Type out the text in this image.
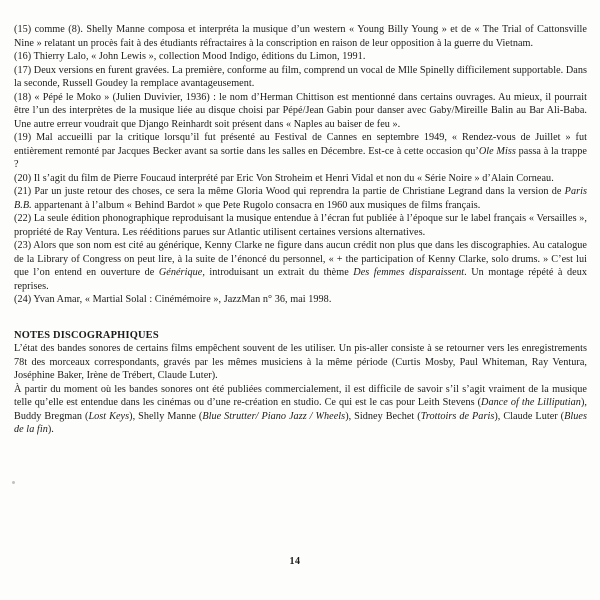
(15) comme (8). Shelly Manne composa et interpréta la musique d’un western « Young Billy Young » et de « The Trial of Cattonsville Nine » relatant un procès fait à des étudiants réfractaires à la conscription en raison de leur opposition à la guerre du Vietnam.

(16) Thierry Lalo, « John Lewis », collection Mood Indigo, éditions du Limon, 1991.

(17) Deux versions en furent gravées. La première, conforme au film, comprend un vocal de Mlle Spinelly difficilement supportable. Dans la seconde, Russell Goudey la remplace avantageusement.

(18) « Pépé le Moko » (Julien Duvivier, 1936) : le nom d’Herman Chittison est mentionné dans certains ouvrages. Au mieux, il pourrait être l’un des interprètes de la musique liée au disque choisi par Pépé/Jean Gabin pour danser avec Gaby/Mireille Balin au Bar Ali-Baba. Une autre erreur voudrait que Django Reinhardt soit présent dans « Naples au baiser de feu ».

(19) Mal accueilli par la critique lorsqu’il fut présenté au Festival de Cannes en septembre 1949, « Rendez-vous de Juillet » fut entièrement remonté par Jacques Becker avant sa sortie dans les salles en Décembre. Est-ce à cette occasion qu’Ole Miss passa à la trappe ?

(20) Il s’agit du film de Pierre Foucaud interprété par Eric Von Stroheim et Henri Vidal et non du « Série Noire » d’Alain Corneau.

(21) Par un juste retour des choses, ce sera la même Gloria Wood qui reprendra la partie de Christiane Legrand dans la version de Paris B.B. appartenant à l’album « Behind Bardot » que Pete Rugolo consacra en 1960 aux musiques de films français.

(22) La seule édition phonographique reproduisant la musique entendue à l’écran fut publiée à l’époque sur le label français « Versailles », propriété de Ray Ventura. Les rééditions parues sur Atlantic utilisent certaines versions alternatives.

(23) Alors que son nom est cité au générique, Kenny Clarke ne figure dans aucun crédit non plus que dans les discographies. Au catalogue de la Library of Congress on peut lire, à la suite de l’énoncé du personnel, « + the participation of Kenny Clarke, solo drums. » C’est lui que l’on entend en ouverture de Générique, introduisant un extrait du thème Des femmes disparaissent. Un montage répété à deux reprises.

(24) Yvan Amar, « Martial Solal : Cinémémoire », JazzMan n° 36, mai 1998.

NOTES DISCOGRAPHIQUES

L’état des bandes sonores de certains films empêchent souvent de les utiliser. Un pis-aller consiste à se retourner vers les enregistrements 78t des morceaux correspondants, gravés par les mêmes musiciens à la même période (Curtis Mosby, Paul Whiteman, Ray Ventura, Joséphine Baker, Irène de Trébert, Claude Luter).

À partir du moment où les bandes sonores ont été publiées commercialement, il est difficile de savoir s’il s’agit vraiment de la musique telle qu’elle est entendue dans les cinémas ou d’une re-création en studio. Ce qui est le cas pour Leith Stevens (Dance of the Lilliputian), Buddy Bregman (Lost Keys), Shelly Manne (Blue Strutter/ Piano Jazz / Wheels), Sidney Bechet (Trottoirs de Paris), Claude Luter (Blues de la fin).

14
